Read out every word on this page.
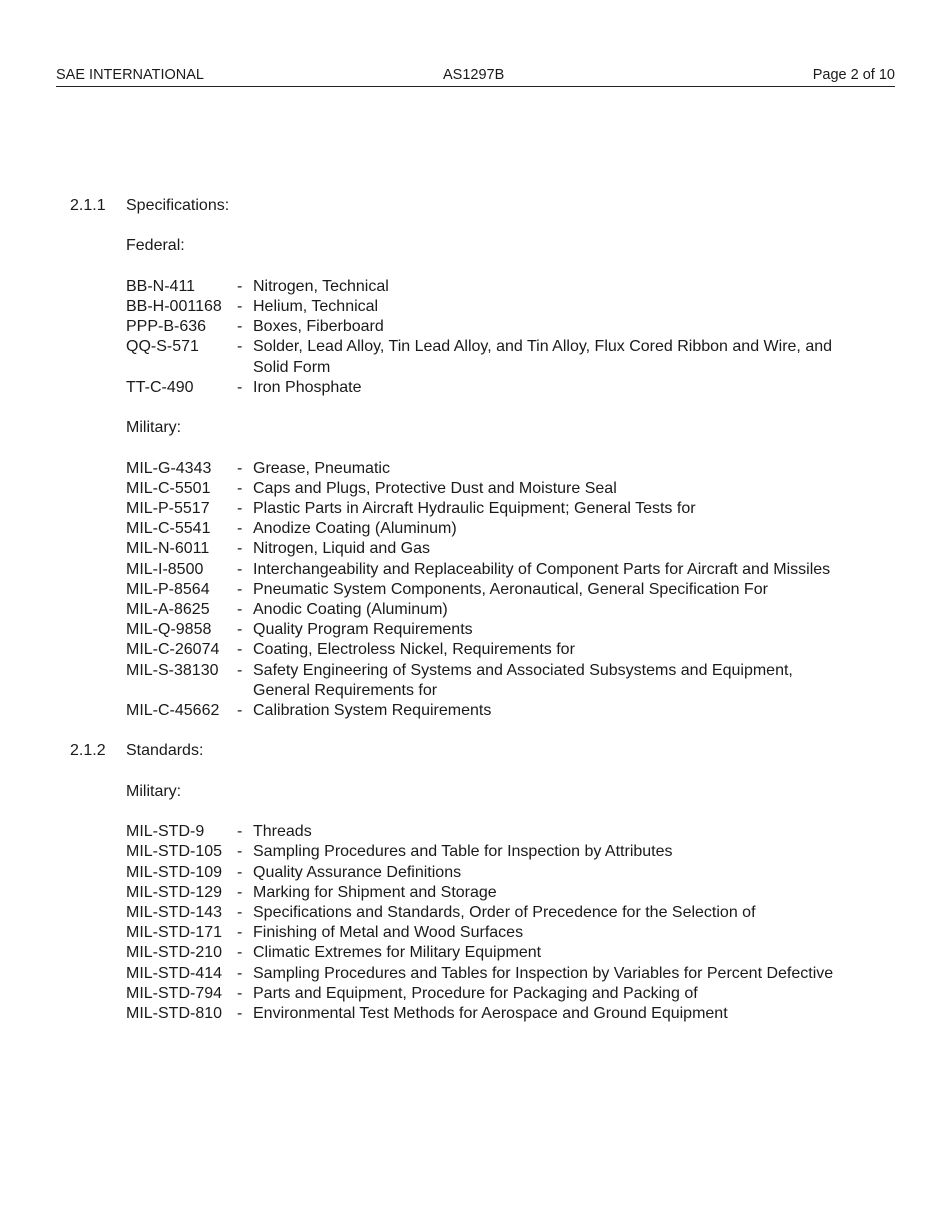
SAE INTERNATIONAL	AS1297B	Page 2 of 10
2.1.1	Specifications:
Federal:
BB-N-411	- Nitrogen, Technical
BB-H-001168 - Helium, Technical
PPP-B-636	- Boxes, Fiberboard
QQ-S-571	- Solder, Lead Alloy, Tin Lead Alloy, and Tin Alloy, Flux Cored Ribbon and Wire, and Solid Form
TT-C-490	- Iron Phosphate
Military:
MIL-G-4343	- Grease, Pneumatic
MIL-C-5501	- Caps and Plugs, Protective Dust and Moisture Seal
MIL-P-5517	- Plastic Parts in Aircraft Hydraulic Equipment; General Tests for
MIL-C-5541	- Anodize Coating (Aluminum)
MIL-N-6011	- Nitrogen, Liquid and Gas
MIL-I-8500	- Interchangeability and Replaceability of Component Parts for Aircraft and Missiles
MIL-P-8564	- Pneumatic System Components, Aeronautical, General Specification For
MIL-A-8625	- Anodic Coating (Aluminum)
MIL-Q-9858	- Quality Program Requirements
MIL-C-26074	- Coating, Electroless Nickel, Requirements for
MIL-S-38130	- Safety Engineering of Systems and Associated Subsystems and Equipment, General Requirements for
MIL-C-45662	- Calibration System Requirements
2.1.2	Standards:
Military:
MIL-STD-9	- Threads
MIL-STD-105 - Sampling Procedures and Table for Inspection by Attributes
MIL-STD-109 - Quality Assurance Definitions
MIL-STD-129 - Marking for Shipment and Storage
MIL-STD-143 - Specifications and Standards, Order of Precedence for the Selection of
MIL-STD-171 - Finishing of Metal and Wood Surfaces
MIL-STD-210 - Climatic Extremes for Military Equipment
MIL-STD-414 - Sampling Procedures and Tables for Inspection by Variables for Percent Defective
MIL-STD-794 - Parts and Equipment, Procedure for Packaging and Packing of
MIL-STD-810 - Environmental Test Methods for Aerospace and Ground Equipment
